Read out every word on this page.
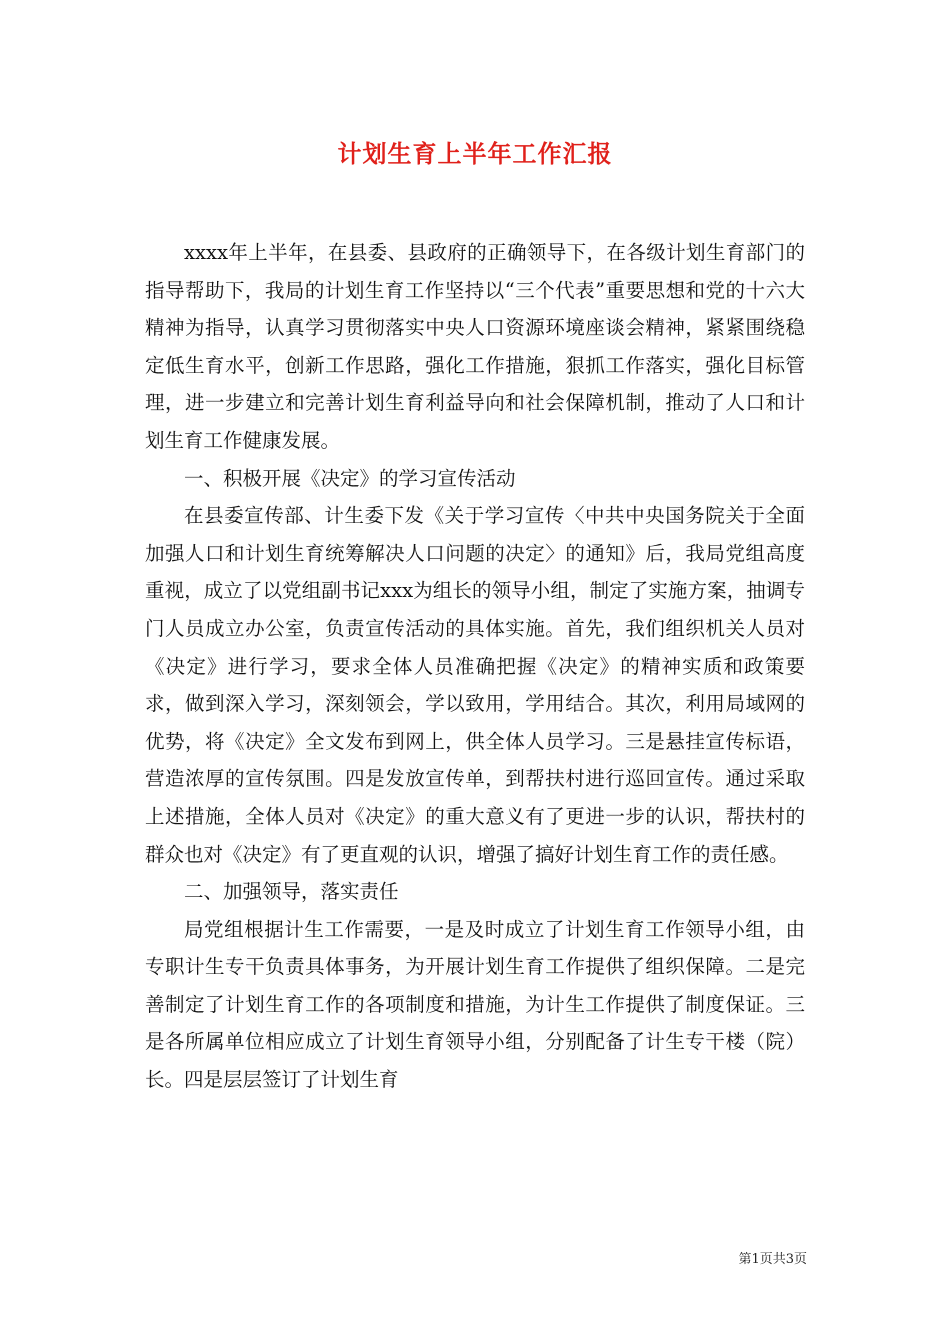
计划生育上半年工作汇报

xxxx年上半年，在县委、县政府的正确领导下，在各级计划生育部门的指导帮助下，我局的计划生育工作坚持以“三个代表”重要思想和党的十六大精神为指导，认真学习贯彻落实中央人口资源环境座谈会精神，紧紧围绕稳定低生育水平，创新工作思路，强化工作措施，狠抓工作落实，强化目标管理，进一步建立和完善计划生育利益导向和社会保障机制，推动了人口和计划生育工作健康发展。

一、积极开展《决定》的学习宣传活动

在县委宣传部、计生委下发《关于学习宣传〈中共中央国务院关于全面加强人口和计划生育统筹解决人口问题的决定〉的通知》后，我局党组高度重视，成立了以党组副书记xxx为组长的领导小组，制定了实施方案，抽调专门人员成立办公室，负责宣传活动的具体实施。首先，我们组织机关人员对《决定》进行学习，要求全体人员准确把握《决定》的精神实质和政策要求，做到深入学习，深刻领会，学以致用，学用结合。其次，利用局域网的优势，将《决定》全文发布到网上，供全体人员学习。三是悬挂宣传标语，营造浓厚的宣传氛围。四是发放宣传单，到帮扶村进行巡回宣传。通过采取上述措施，全体人员对《决定》的重大意义有了更进一步的认识，帮扶村的群众也对《决定》有了更直观的认识，增强了搞好计划生育工作的责任感。

二、加强领导，落实责任

局党组根据计生工作需要，一是及时成立了计划生育工作领导小组，由专职计生专干负责具体事务，为开展计划生育工作提供了组织保障。二是完善制定了计划生育工作的各项制度和措施，为计生工作提供了制度保证。三是各所属单位相应成立了计划生育领导小组，分别配备了计生专干楼（院）长。四是层层签订了计划生育

第1页共3页
